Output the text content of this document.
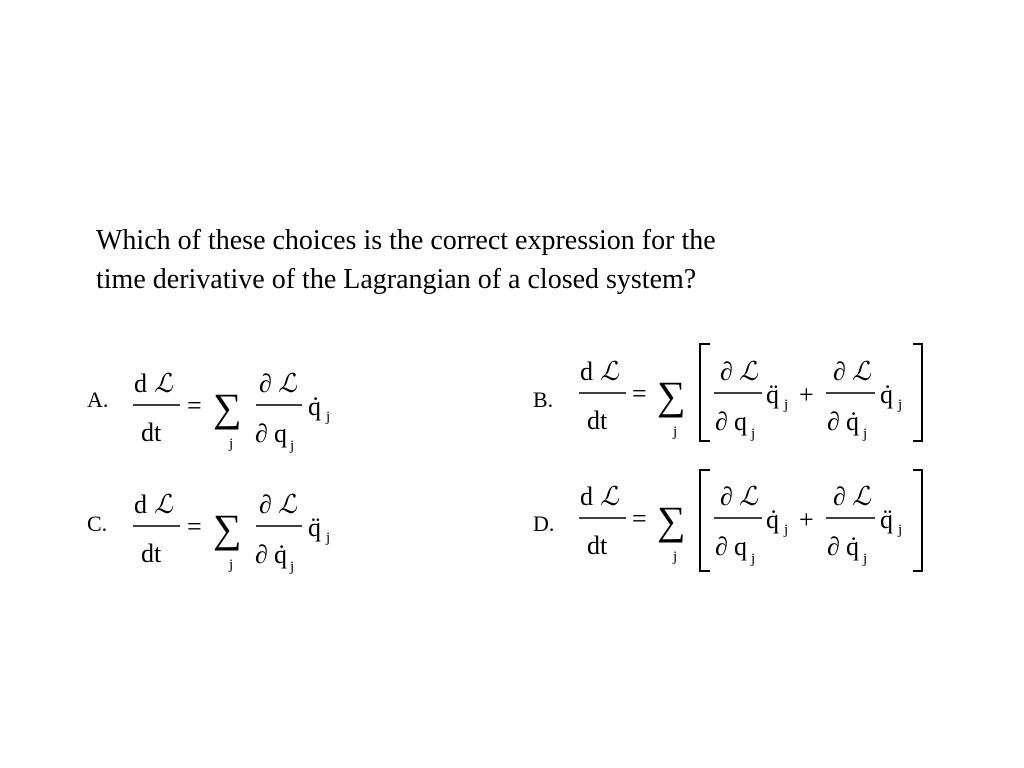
Which of these choices is the correct expression for the
time derivative of the Lagrangian of a closed system?
A.
d ℒ
dt
= ∑
j
∂ ℒ
∂ q j
q̇ j
C.
d ℒ
dt
= ∑
j
∂ ℒ
∂ q̇ j
q̈ j
B.
d ℒ
dt
= ∑
j
∂ ℒ
∂ q j
q̈ j +
∂ ℒ
∂ q̇ j
q̇ j
D.
d ℒ
dt
= ∑
j
∂ ℒ
∂ q j
q̇ j +
∂ ℒ
∂ q̇ j
q̈ j
